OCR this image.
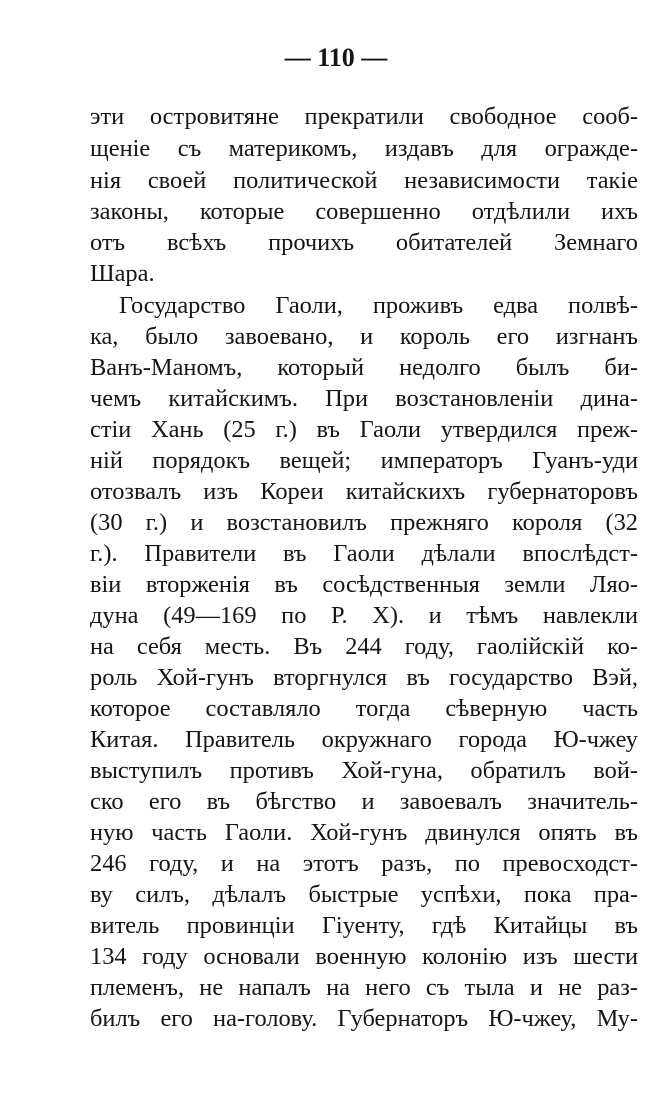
— 110 —
эти островитяне прекратили свободное сооб-
щеніе съ материкомъ, издавъ для огражде-
нія своей политической независимости такіе
законы, которые совершенно отдѣлили ихъ
отъ всѣхъ прочихъ обитателей Земнаго
Шара.
Государство Гаоли, проживъ едва полвѣ-
ка, было завоевано, и король его изгнанъ
Ванъ-Маномъ, который недолго былъ би-
чемъ китайскимъ. При возстановленіи дина-
стіи Хань (25 г.) въ Гаоли утвердился преж-
ній порядокъ вещей; императоръ Гуанъ-уди
отозвалъ изъ Кореи китайскихъ губернаторовъ
(30 г.) и возстановилъ прежняго короля (32
г.). Правители въ Гаоли дѣлали впослѣдст-
віи вторженія въ сосѣдственныя земли Ляо-
дуна (49—169 по Р. Х). и тѣмъ навлекли
на себя месть. Въ 244 году, гаолійскій ко-
роль Хой-гунъ вторгнулся въ государство Вэй,
которое составляло тогда сѣверную часть
Китая. Правитель окружнаго города Ю-чжеу
выступилъ противъ Хой-гуна, обратилъ вой-
ско его въ бѣгство и завоевалъ значитель-
ную часть Гаоли. Хой-гунъ двинулся опять въ
246 году, и на этотъ разъ, по превосходст-
ву силъ, дѣлалъ быстрые успѣхи, пока пра-
витель провинціи Гіуенту, гдѣ Китайцы въ
134 году основали военную колонію изъ шести
племенъ, не напалъ на него съ тыла и не раз-
билъ его на-голову. Губернаторъ Ю-чжеу, Му-
